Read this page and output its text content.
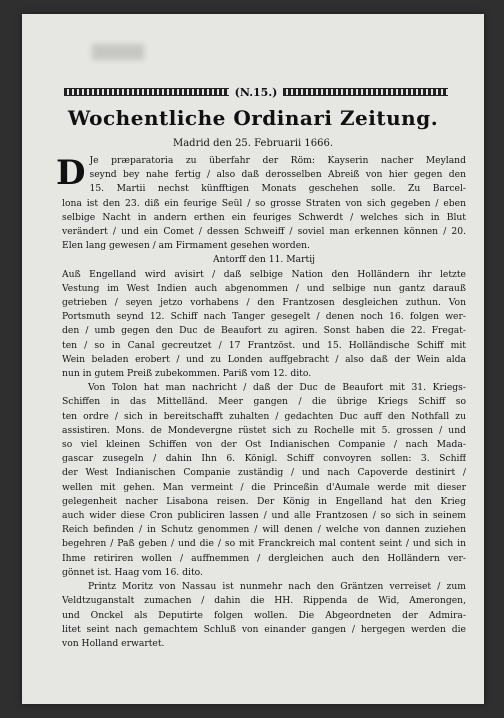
(N.15.)
Wochentliche Ordinari Zeitung.
Madrid den 25. Februarii 1666.
D Je præparatoria zu überfahr der Röm: Kayserin nacher Meyland
seynd bey nahe fertig / also daß derosselben Abreiß von hier gegen den
15. Martii nechst künfftigen Monats geschehen solle. Zu Barcel-
lona ist den 23. diß ein feurige Seül / so grosse Straten von sich gegeben / eben
selbige Nacht in andern erthen ein feuriges Schwerdt / welches sich in Blut
verändert / und ein Comet / dessen Schweiff / soviel man erkennen können / 20.
Elen lang gewesen / am Firmament gesehen worden.
Antorff den 11. Martij
Auß Engelland wird avisirt / daß selbige Nation den Holländern ihr letzte
Vestung im West Indien auch abgenommen / und selbige nun gantz darauß
getrieben / seyen jetzo vorhabens / den Frantzosen desgleichen zuthun. Von
Portsmuth seynd 12. Schiff nach Tanger gesegelt / denen noch 16. folgen wer-
den / umb gegen den Duc de Beaufort zu agiren. Sonst haben die 22. Fregat-
ten / so in Canal gecreutzet / 17 Frantzöst. und 15. Holländische Schiff mit
Wein beladen erobert / und zu Londen auffgebracht / also daß der Wein alda
nun in gutem Preiß zubekommen. Pariß vom 12. dito.
Von Tolon hat man nachricht / daß der Duc de Beaufort mit 31. Kriegs-
Schiffen in das Mittelländ. Meer gangen / die übrige Kriegs Schiff so
ten ordre / sich in bereitschafft zuhalten / gedachten Duc auff den Nothfall zu
assistiren. Mons. de Mondevergne rüstet sich zu Rochelle mit 5. grossen / und
so viel kleinen Schiffen von der Ost Indianischen Companie / nach Mada-
gascar zusegeln / dahin Ihn 6. Königl. Schiff convoyren sollen: 3. Schiff
der West Indianischen Companie zuständig / und nach Capoverde destinirt /
wellen mit gehen. Man vermeint / die Princeßin d'Aumale werde mit dieser
gelegenheit nacher Lisabona reisen. Der König in Engelland hat den Krieg
auch wider diese Cron publiciren lassen / und alle Frantzosen / so sich in seinem
Reich befinden / in Schutz genommen / will denen / welche von dannen zuziehen
begehren / Paß geben / und die / so mit Franckreich mal content seint / und sich in
Ihme retiriren wollen / auffnemmen / dergleichen auch den Holländern ver-
gönnet ist. Haag vom 16. dito.
Printz Moritz von Nassau ist nunmehr nach den Gräntzen verreiset / zum
Veldtzuganstalt zumachen / dahin die HH. Rippenda de Wid, Amerongen,
und Onckel als Deputirte folgen wollen. Die Abgeordneten der Admira-
litet seint nach gemachtem Schluß von einander gangen / hergegen werden die
von Holland erwartet.
